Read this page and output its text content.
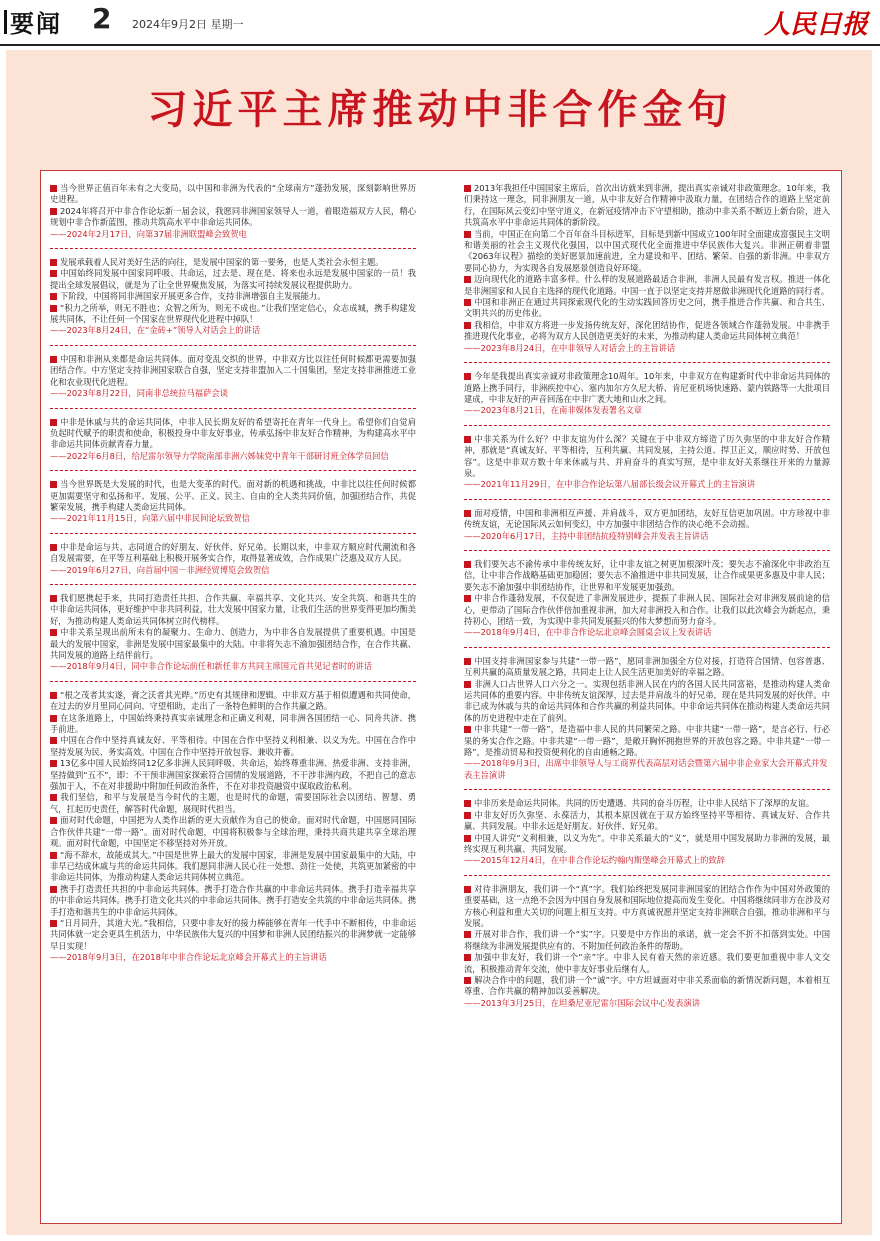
要闻 2 2024年9月2日 星期一	人民日报
习近平主席推动中非合作金句

当今世界正值百年未有之大变局，以中国和非洲为代表的“全球南方”蓬勃发展，深刻影响世界历史进程。

2024年将召开中非合作论坛新一届会议，我愿同非洲国家领导人一道，着眼造福双方人民，精心规划中非合作新蓝图，推动共筑高水平中非命运共同体。

——2024年2月17日，向第37届非洲联盟峰会致贺电

发展承载着人民对美好生活的向往，是发展中国家的第一要务，也是人类社会永恒主题。

中国始终同发展中国家同呼吸、共命运，过去是、现在是、将来也永远是发展中国家的一员！我提出全球发展倡议，就是为了让全世界聚焦发展，为落实可持续发展议程提供助力。

下阶段，中国将同非洲国家开展更多合作，支持非洲增强自主发展能力。

“积力之所举，则无不胜也；众智之所为，则无不成也。”让我们坚定信心，众志成城，携手构建发展共同体，不让任何一个国家在世界现代化进程中掉队！

——2023年8月24日，在“金砖+”领导人对话会上的讲话

中国和非洲从来都是命运共同体。面对变乱交织的世界，中非双方比以往任何时候都更需要加强团结合作。中方坚定支持非洲国家联合自强，坚定支持非盟加入二十国集团，坚定支持非洲推进工业化和农业现代化进程。

——2023年8月22日，同南非总统拉马福萨会谈

中非是休戚与共的命运共同体，中非人民长期友好的希望寄托在青年一代身上。希望你们自觉肩负起时代赋予的职责和使命，积极投身中非友好事业，传承弘扬中非友好合作精神，为构建高水平中非命运共同体贡献青春力量。

——2022年6月8日，给尼雷尔领导力学院南部非洲六姊妹党中青年干部研讨班全体学员回信

当今世界既是大发展的时代，也是大变革的时代。面对新的机遇和挑战，中非比以往任何时候都更加需要坚守和弘扬和平、发展、公平、正义、民主、自由的全人类共同价值，加强团结合作，共促繁荣发展，携手构建人类命运共同体。

——2021年11月15日，向第六届中非民间论坛致贺信

中非是命运与共、志同道合的好朋友、好伙伴、好兄弟。长期以来，中非双方顺应时代潮流和各自发展需要，在平等互利基础上积极开展务实合作，取得显著成效，合作成果广泛惠及双方人民。

——2019年6月27日，向首届中国－非洲经贸博览会致贺信

我们愿携起手来，共同打造责任共担、合作共赢、幸福共享、文化共兴、安全共筑、和谐共生的中非命运共同体，更好维护中非共同利益，壮大发展中国家力量，让我们生活的世界变得更加均衡美好，为推动构建人类命运共同体树立时代榜样。

中非关系呈现出前所未有的凝聚力、生命力、创造力，为中非各自发展提供了重要机遇。中国是最大的发展中国家，非洲是发展中国家最集中的大陆。中非将矢志不渝加强团结合作，在合作共赢、共同发展的道路上结伴前行。

——2018年9月4日，同中非合作论坛前任和新任非方共同主席国元首共见记者时的讲话

“根之茂者其实遂，膏之沃者其光晔。”历史有其规律和逻辑。中非双方基于相似遭遇和共同使命，在过去的岁月里同心同向、守望相助，走出了一条特色鲜明的合作共赢之路。

在这条道路上，中国始终秉持真实亲诚理念和正确义利观，同非洲各国团结一心、同舟共济、携手前进。

中国在合作中坚持真诚友好、平等相待。中国在合作中坚持义利相兼、以义为先。中国在合作中坚持发展为民、务实高效。中国在合作中坚持开放包容、兼收并蓄。

13亿多中国人民始终同12亿多非洲人民同呼吸、共命运，始终尊重非洲、热爱非洲、支持非洲，坚持做到“五不”，即：不干预非洲国家探索符合国情的发展道路，不干涉非洲内政，不把自己的意志强加于人，不在对非援助中附加任何政治条件，不在对非投资融资中谋取政治私利。

我们坚信，和平与发展是当今时代的主题，也是时代的命题，需要国际社会以团结、智慧、勇气，扛起历史责任，解答时代命题，展现时代担当。

面对时代命题，中国把为人类作出新的更大贡献作为自己的使命。面对时代命题，中国愿同国际合作伙伴共建“一带一路”。面对时代命题，中国将积极参与全球治理，秉持共商共建共享全球治理观。面对时代命题，中国坚定不移坚持对外开放。

“海不辞水，故能成其大。”中国是世界上最大的发展中国家，非洲是发展中国家最集中的大陆，中非早已结成休戚与共的命运共同体。我们愿同非洲人民心往一处想、劲往一处使，共筑更加紧密的中非命运共同体，为推动构建人类命运共同体树立典范。

携手打造责任共担的中非命运共同体。携手打造合作共赢的中非命运共同体。携手打造幸福共享的中非命运共同体。携手打造文化共兴的中非命运共同体。携手打造安全共筑的中非命运共同体。携手打造和谐共生的中非命运共同体。

“日月同升，其道大光。”我相信，只要中非友好的接力棒能够在青年一代手中不断相传，中非命运共同体就一定会更具生机活力，中华民族伟大复兴的中国梦和非洲人民团结振兴的非洲梦就一定能够早日实现！

——2018年9月3日，在2018年中非合作论坛北京峰会开幕式上的主旨讲话

2013年我担任中国国家主席后，首次出访就来到非洲，提出真实亲诚对非政策理念。10年来，我们秉持这一理念，同非洲朋友一道，从中非友好合作精神中汲取力量，在团结合作的道路上坚定前行，在国际风云变幻中坚守道义，在新冠疫情冲击下守望相助，推动中非关系不断迈上新台阶，进入共筑高水平中非命运共同体的新阶段。

当前，中国正在向第二个百年奋斗目标进军，目标是到新中国成立100年时全面建成富强民主文明和谐美丽的社会主义现代化强国，以中国式现代化全面推进中华民族伟大复兴。非洲正朝着非盟《2063年议程》描绘的美好愿景加速前进，全力建设和平、团结、繁荣、自强的新非洲。中非双方要同心协力，为实现各自发展愿景创造良好环境。

迈向现代化的道路丰富多样。什么样的发展道路最适合非洲，非洲人民最有发言权。推进一体化是非洲国家和人民自主选择的现代化道路。中国一直于以坚定支持并愿做非洲现代化道路的同行者。

中国和非洲正在通过共同探索现代化的生动实践回答历史之问，携手推进合作共赢、和合共生、文明共兴的历史伟业。

我相信，中非双方将进一步发扬传统友好，深化团结协作，促进各领域合作蓬勃发展。中非携手推进现代化事业，必将为双方人民创造更美好的未来，为推动构建人类命运共同体树立典范！

——2023年8月24日，在中非领导人对话会上的主旨讲话

今年是我提出真实亲诚对非政策理念10周年。10年来，中非双方在构建新时代中非命运共同体的道路上携手同行，非洲疾控中心、塞内加尔方久尼大桥、肯尼亚机场快速路、蒙内铁路等一大批项目建成，中非友好的声音回荡在中非广袤大地和山水之间。

——2023年8月21日，在南非媒体发表署名文章

中非关系为什么好？中非友谊为什么深？关键在于中非双方缔造了历久弥坚的中非友好合作精神，那就是“真诚友好、平等相待，互利共赢、共同发展，主持公道、捍卫正义，顺应时势、开放包容”。这是中非双方数十年来休戚与共、并肩奋斗的真实写照，是中非友好关系继往开来的力量源泉。

——2021年11月29日，在中非合作论坛第八届部长级会议开幕式上的主旨演讲

面对疫情，中国和非洲相互声援、并肩战斗，双方更加团结，友好互信更加巩固。中方珍视中非传统友谊，无论国际风云如何变幻，中方加强中非团结合作的决心绝不会动摇。

——2020年6月17日，主持中非团结抗疫特别峰会并发表主旨讲话

我们要矢志不渝传承中非传统友好，让中非友谊之树更加根深叶茂；要矢志不渝深化中非政治互信，让中非合作战略基础更加稳固；要矢志不渝推进中非共同发展，让合作成果更多惠及中非人民；要矢志不渝加强中非团结协作，让世界和平发展更加强劲。

中非合作蓬勃发展，不仅促进了非洲发展进步，提振了非洲人民、国际社会对非洲发展前途的信心，更带动了国际合作伙伴倍加重视非洲，加大对非洲投入和合作。让我们以此次峰会为新起点，秉持初心，团结一致，为实现中非共同发展振兴的伟大梦想而努力奋斗。

——2018年9月4日，在中非合作论坛北京峰会圆桌会议上发表讲话

中国支持非洲国家参与共建“一带一路”，愿同非洲加强全方位对接，打造符合国情、包容普惠、互利共赢的高质量发展之路，共同走上让人民生活更加美好的幸福之路。

非洲人口占世界人口六分之一。实现包括非洲人民在内的各国人民共同富裕，是推动构建人类命运共同体的重要内容。中非传统友谊深厚，过去是并肩战斗的好兄弟，现在是共同发展的好伙伴。中非已成为休戚与共的命运共同体和合作共赢的利益共同体。中非命运共同体在推动构建人类命运共同体的历史进程中走在了前列。

中非共建“一带一路”，是造福中非人民的共同繁荣之路。中非共建“一带一路”，是言必行、行必果的务实合作之路。中非共建“一带一路”，是敞开胸怀拥抱世界的开放包容之路。中非共建“一带一路”，是推动贸易和投资便利化的自由通畅之路。

——2018年9月3日，出席中非领导人与工商界代表高层对话会暨第六届中非企业家大会开幕式并发表主旨演讲

中非历来是命运共同体。共同的历史遭遇、共同的奋斗历程，让中非人民结下了深厚的友谊。

中非友好历久弥坚、永葆活力，其根本原因就在于双方始终坚持平等相待、真诚友好、合作共赢、共同发展。中非永远是好朋友、好伙伴、好兄弟。

中国人讲究“义利相兼，以义为先”。中非关系最大的“义”，就是用中国发展助力非洲的发展，最终实现互利共赢、共同发展。

——2015年12月4日，在中非合作论坛约翰内斯堡峰会开幕式上的致辞

对待非洲朋友，我们讲一个“真”字。我们始终把发展同非洲国家的团结合作作为中国对外政策的重要基础，这一点绝不会因为中国自身发展和国际地位提高而发生变化。中国将继续同非方在涉及对方核心利益和重大关切的问题上相互支持。中方真诚祝愿并坚定支持非洲联合自强，推动非洲和平与发展。

开展对非合作，我们讲一个“实”字。只要是中方作出的承诺，就一定会不折不扣落到实处。中国将继续为非洲发展提供应有的、不附加任何政治条件的帮助。

加强中非友好，我们讲一个“亲”字。中非人民有着天然的亲近感。我们要更加重视中非人文交流，积极推动青年交流，使中非友好事业后继有人。

解决合作中的问题，我们讲一个“诚”字。中方坦诚面对中非关系面临的新情况新问题，本着相互尊重、合作共赢的精神加以妥善解决。

——2013年3月25日，在坦桑尼亚尼雷尔国际会议中心发表演讲
